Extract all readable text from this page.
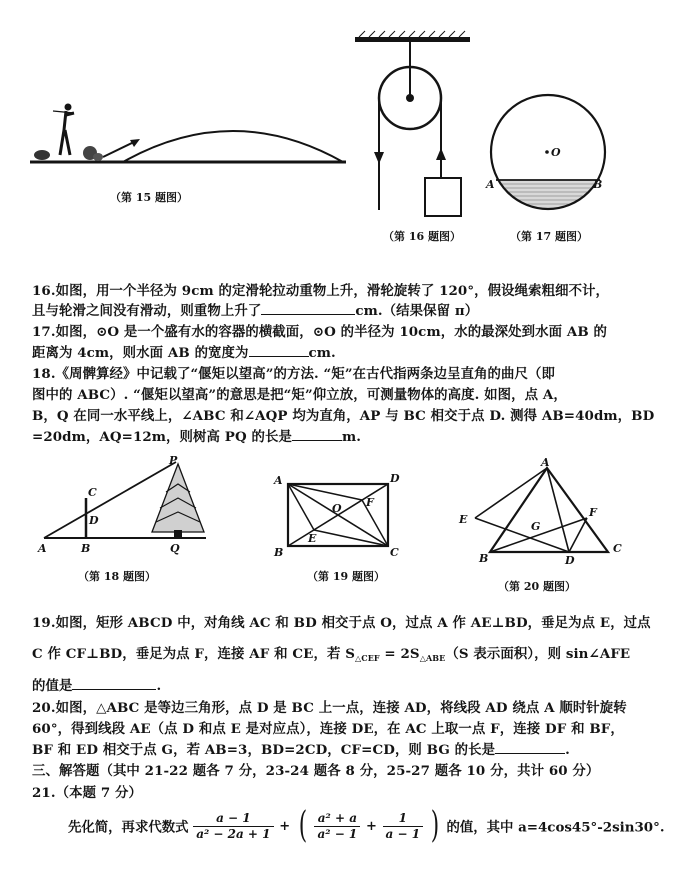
（第 15 题图）
（第 16 题图）
O
A	B
（第 17 题图）
16.如图，用一个半径为 9cm 的定滑轮拉动重物上升，滑轮旋转了 120°，假设绳索粗细不计，
且与轮滑之间没有滑动，则重物上升了	cm.（结果保留 π）
17.如图，⊙O 是一个盛有水的容器的横截面，⊙O 的半径为 10cm，水的最深处到水面 AB 的
距离为 4cm，则水面 AB 的宽度为	cm.
18.《周髀算经》中记载了“偃矩以望高”的方法. “矩”在古代指两条边呈直角的曲尺（即
图中的 ABC）. “偃矩以望高”的意思是把“矩”仰立放，可测量物体的高度. 如图，点 A，
B，Q 在同一水平线上，∠ABC 和∠AQP 均为直角，AP 与 BC 相交于点 D. 测得 AB=40dm，BD
=20dm，AQ=12m，则树高 PQ 的长是	m.
P
C
D
A	B	Q
（第 18 题图）
A	D
O F
E
B	C
（第 19 题图）
A
E
F
G
B	D
C
（第 20 题图）
19.如图，矩形 ABCD 中，对角线 AC 和 BD 相交于点 O，过点 A 作 AE⊥BD，垂足为点 E，过点
C 作 CF⊥BD，垂足为点 F，连接 AF 和 CE，若 $S_{\triangle CEF} = 2S_{\triangle ABE}(S$ 表示面积），则 sin∠AFE
的值是	.
20.如图，△ABC 是等边三角形，点 D 是 BC 上一点，连接 AD，将线段 AD 绕点 A 顺时针旋转
60°，得到线段 AE（点 D 和点 E 是对应点），连接 DE，在 AC 上取一点 F，连接 DF 和 BF，
BF 和 ED 相交于点 G，若 AB=3，BD=2CD，CF=CD，则 BG 的长是	.
三、解答题（其中 21-22 题各 7 分，23-24 题各 8 分，25-27 题各 10 分，共计 60 分）
21.（本题 7 分）
先化简，再求代数式 $\frac{a - 1}{\text{a² − 2a + 1}}$ + ( $\frac{\text{a² + a}}{\text{a² − 1}} + \frac{1}{a - 1}$ ) 的值，其中 a=4cos45°-2sin30°.
